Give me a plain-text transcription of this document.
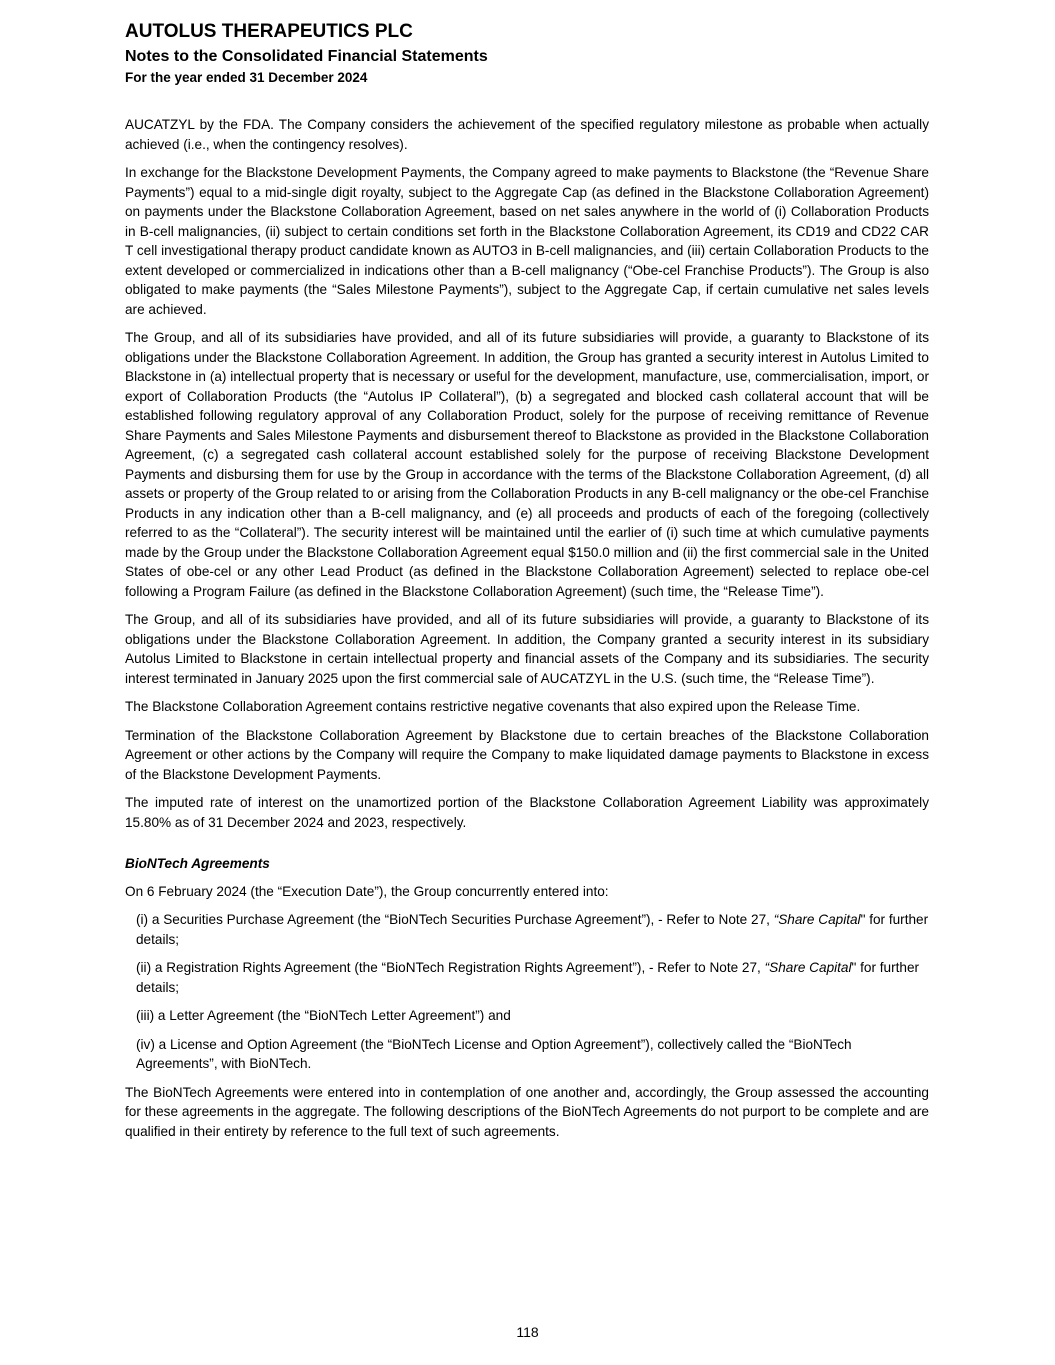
AUTOLUS THERAPEUTICS PLC
Notes to the Consolidated Financial Statements
For the year ended 31 December 2024

AUCATZYL by the FDA. The Company considers the achievement of the specified regulatory milestone as probable when actually achieved (i.e., when the contingency resolves).

In exchange for the Blackstone Development Payments, the Company agreed to make payments to Blackstone (the “Revenue Share Payments”) equal to a mid-single digit royalty, subject to the Aggregate Cap (as defined in the Blackstone Collaboration Agreement) on payments under the Blackstone Collaboration Agreement, based on net sales anywhere in the world of (i) Collaboration Products in B-cell malignancies, (ii) subject to certain conditions set forth in the Blackstone Collaboration Agreement, its CD19 and CD22 CAR T cell investigational therapy product candidate known as AUTO3 in B-cell malignancies, and (iii) certain Collaboration Products to the extent developed or commercialized in indications other than a B-cell malignancy (“Obe-cel Franchise Products”). The Group is also obligated to make payments (the “Sales Milestone Payments”), subject to the Aggregate Cap, if certain cumulative net sales levels are achieved.

The Group, and all of its subsidiaries have provided, and all of its future subsidiaries will provide, a guaranty to Blackstone of its obligations under the Blackstone Collaboration Agreement. In addition, the Group has granted a security interest in Autolus Limited to Blackstone in (a) intellectual property that is necessary or useful for the development, manufacture, use, commercialisation, import, or export of Collaboration Products (the “Autolus IP Collateral”), (b) a segregated and blocked cash collateral account that will be established following regulatory approval of any Collaboration Product, solely for the purpose of receiving remittance of Revenue Share Payments and Sales Milestone Payments and disbursement thereof to Blackstone as provided in the Blackstone Collaboration Agreement, (c) a segregated cash collateral account established solely for the purpose of receiving Blackstone Development Payments and disbursing them for use by the Group in accordance with the terms of the Blackstone Collaboration Agreement, (d) all assets or property of the Group related to or arising from the Collaboration Products in any B-cell malignancy or the obe-cel Franchise Products in any indication other than a B-cell malignancy, and (e) all proceeds and products of each of the foregoing (collectively referred to as the “Collateral”). The security interest will be maintained until the earlier of (i) such time at which cumulative payments made by the Group under the Blackstone Collaboration Agreement equal $150.0 million and (ii) the first commercial sale in the United States of obe-cel or any other Lead Product (as defined in the Blackstone Collaboration Agreement) selected to replace obe-cel following a Program Failure (as defined in the Blackstone Collaboration Agreement) (such time, the “Release Time”).

The Group, and all of its subsidiaries have provided, and all of its future subsidiaries will provide, a guaranty to Blackstone of its obligations under the Blackstone Collaboration Agreement. In addition, the Company granted a security interest in its subsidiary Autolus Limited to Blackstone in certain intellectual property and financial assets of the Company and its subsidiaries. The security interest terminated in January 2025 upon the first commercial sale of AUCATZYL in the U.S. (such time, the “Release Time”).

The Blackstone Collaboration Agreement contains restrictive negative covenants that also expired upon the Release Time.

Termination of the Blackstone Collaboration Agreement by Blackstone due to certain breaches of the Blackstone Collaboration Agreement or other actions by the Company will require the Company to make liquidated damage payments to Blackstone in excess of the Blackstone Development Payments.

The imputed rate of interest on the unamortized portion of the Blackstone Collaboration Agreement Liability was approximately 15.80% as of 31 December 2024 and 2023, respectively.

BioNTech Agreements

On 6 February 2024 (the “Execution Date”), the Group concurrently entered into:

(i) a Securities Purchase Agreement (the “BioNTech Securities Purchase Agreement”), - Refer to Note 27, “Share Capital" for further details;

(ii) a Registration Rights Agreement (the “BioNTech Registration Rights Agreement”), - Refer to Note 27, “Share Capital" for further details;

(iii) a Letter Agreement (the “BioNTech Letter Agreement”) and

(iv) a License and Option Agreement (the “BioNTech License and Option Agreement”), collectively called the “BioNTech Agreements”, with BioNTech.

The BioNTech Agreements were entered into in contemplation of one another and, accordingly, the Group assessed the accounting for these agreements in the aggregate. The following descriptions of the BioNTech Agreements do not purport to be complete and are qualified in their entirety by reference to the full text of such agreements.

118
